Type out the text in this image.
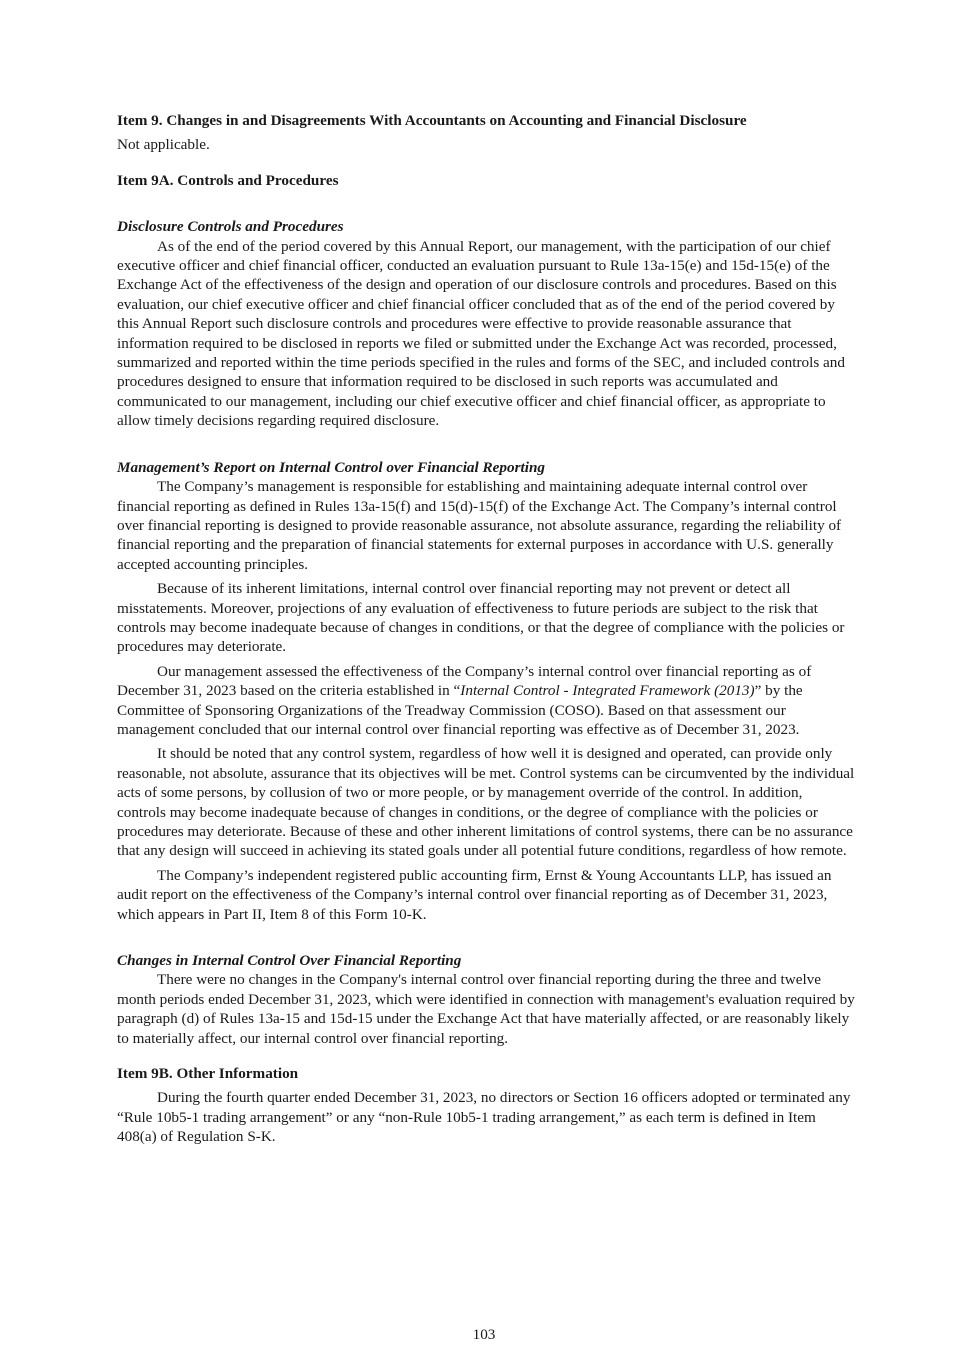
Item 9. Changes in and Disagreements With Accountants on Accounting and Financial Disclosure

Not applicable.

Item 9A. Controls and Procedures

Disclosure Controls and Procedures

As of the end of the period covered by this Annual Report, our management, with the participation of our chief executive officer and chief financial officer, conducted an evaluation pursuant to Rule 13a-15(e) and 15d-15(e) of the Exchange Act of the effectiveness of the design and operation of our disclosure controls and procedures. Based on this evaluation, our chief executive officer and chief financial officer concluded that as of the end of the period covered by this Annual Report such disclosure controls and procedures were effective to provide reasonable assurance that information required to be disclosed in reports we filed or submitted under the Exchange Act was recorded, processed, summarized and reported within the time periods specified in the rules and forms of the SEC, and included controls and procedures designed to ensure that information required to be disclosed in such reports was accumulated and communicated to our management, including our chief executive officer and chief financial officer, as appropriate to allow timely decisions regarding required disclosure.

Management’s Report on Internal Control over Financial Reporting

The Company’s management is responsible for establishing and maintaining adequate internal control over financial reporting as defined in Rules 13a-15(f) and 15(d)-15(f) of the Exchange Act. The Company’s internal control over financial reporting is designed to provide reasonable assurance, not absolute assurance, regarding the reliability of financial reporting and the preparation of financial statements for external purposes in accordance with U.S. generally accepted accounting principles.

Because of its inherent limitations, internal control over financial reporting may not prevent or detect all misstatements. Moreover, projections of any evaluation of effectiveness to future periods are subject to the risk that controls may become inadequate because of changes in conditions, or that the degree of compliance with the policies or procedures may deteriorate.

Our management assessed the effectiveness of the Company’s internal control over financial reporting as of December 31, 2023 based on the criteria established in “Internal Control - Integrated Framework (2013)” by the Committee of Sponsoring Organizations of the Treadway Commission (COSO). Based on that assessment our management concluded that our internal control over financial reporting was effective as of December 31, 2023.

It should be noted that any control system, regardless of how well it is designed and operated, can provide only reasonable, not absolute, assurance that its objectives will be met. Control systems can be circumvented by the individual acts of some persons, by collusion of two or more people, or by management override of the control. In addition, controls may become inadequate because of changes in conditions, or the degree of compliance with the policies or procedures may deteriorate. Because of these and other inherent limitations of control systems, there can be no assurance that any design will succeed in achieving its stated goals under all potential future conditions, regardless of how remote.

The Company’s independent registered public accounting firm, Ernst & Young Accountants LLP, has issued an audit report on the effectiveness of the Company’s internal control over financial reporting as of December 31, 2023, which appears in Part II, Item 8 of this Form 10-K.

Changes in Internal Control Over Financial Reporting

There were no changes in the Company's internal control over financial reporting during the three and twelve month periods ended December 31, 2023, which were identified in connection with management's evaluation required by paragraph (d) of Rules 13a-15 and 15d-15 under the Exchange Act that have materially affected, or are reasonably likely to materially affect, our internal control over financial reporting.

Item 9B. Other Information

During the fourth quarter ended December 31, 2023, no directors or Section 16 officers adopted or terminated any “Rule 10b5-1 trading arrangement” or any “non-Rule 10b5-1 trading arrangement,” as each term is defined in Item 408(a) of Regulation S-K.

103
